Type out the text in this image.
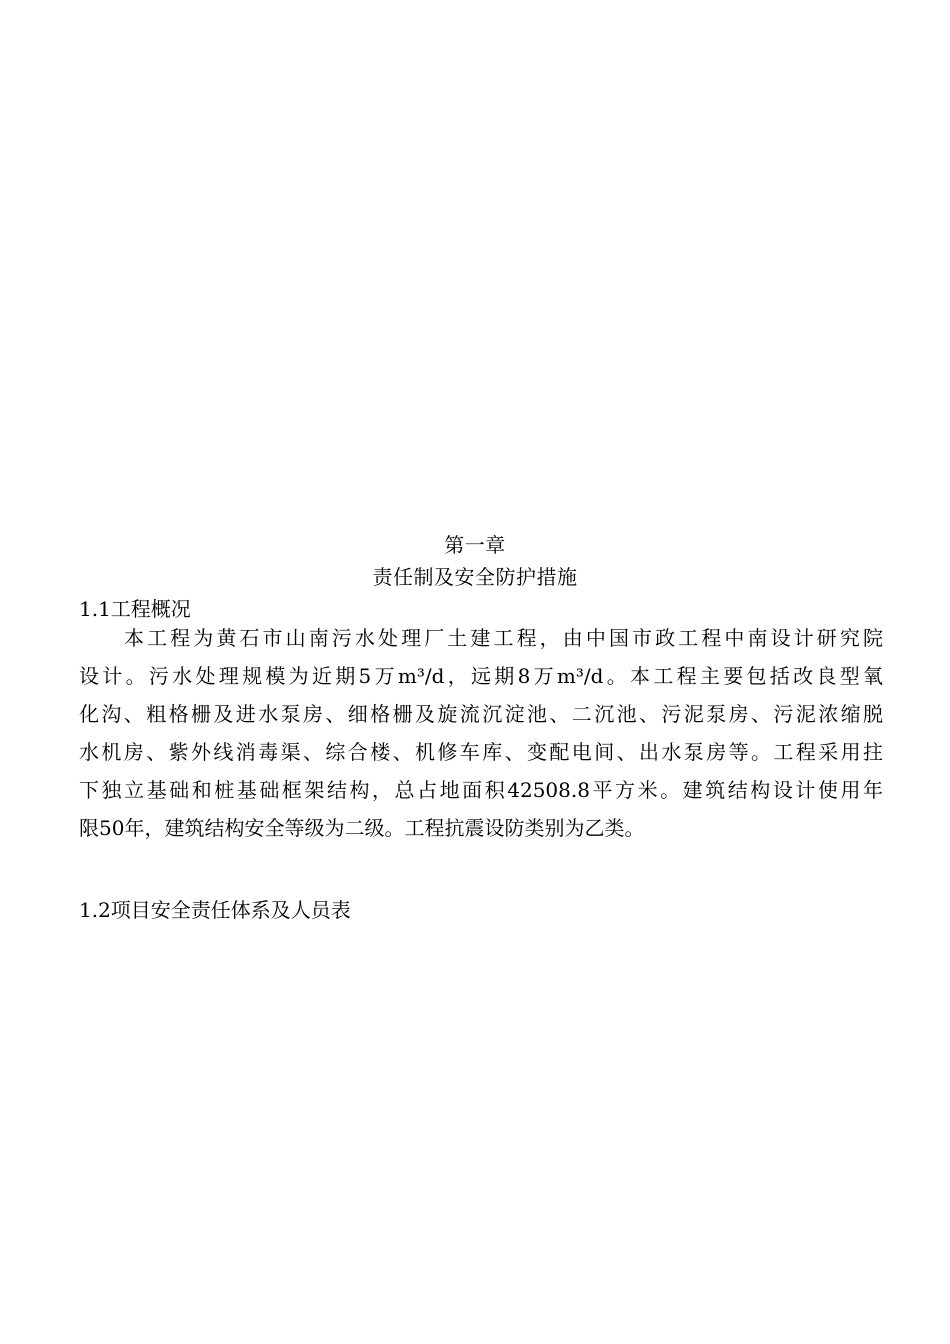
第一章
责任制及安全防护措施
1.1工程概况
本工程为黄石市山南污水处理厂土建工程，由中国市政工程中南设计研究院
设计。污水处理规模为近期5万m³/d，远期8万m³/d。本工程主要包括改良型氧
化沟、粗格栅及进水泵房、细格栅及旋流沉淀池、二沉池、污泥泵房、污泥浓缩脱
水机房、紫外线消毒渠、综合楼、机修车库、变配电间、出水泵房等。工程采用拄
下独立基础和桩基础框架结构，总占地面积42508.8平方米。建筑结构设计使用年
限50年，建筑结构安全等级为二级。工程抗震设防类别为乙类。
1.2项目安全责任体系及人员表
